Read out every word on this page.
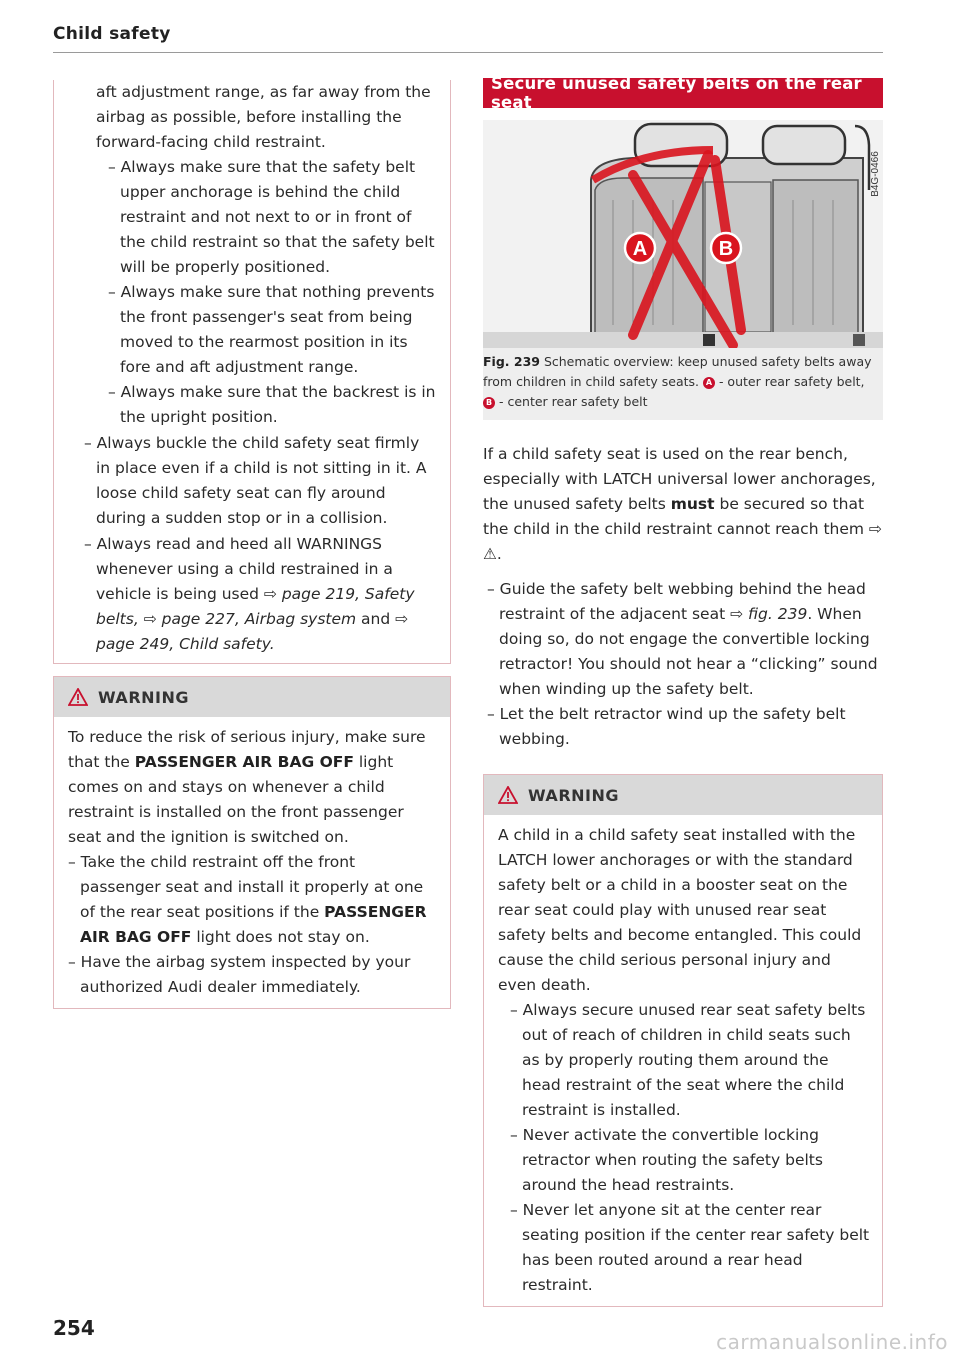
Child safety

aft adjustment range, as far away from the airbag as possible, before installing the forward-facing child restraint.

– Always make sure that the safety belt upper anchorage is behind the child restraint and not next to or in front of the child restraint so that the safety belt will be properly positioned.

– Always make sure that nothing prevents the front passenger's seat from being moved to the rearmost position in its fore and aft adjustment range.

– Always make sure that the backrest is in the upright position.

– Always buckle the child safety seat firmly in place even if a child is not sitting in it. A loose child safety seat can fly around during a sudden stop or in a collision.

– Always read and heed all WARNINGS whenever using a child restrained in a vehicle is being used ⇨ page 219, Safety belts, ⇨ page 227, Airbag system and ⇨ page 249, Child safety.

WARNING

To reduce the risk of serious injury, make sure that the PASSENGER AIR BAG OFF light comes on and stays on whenever a child restraint is installed on the front passenger seat and the ignition is switched on.

– Take the child restraint off the front passenger seat and install it properly at one of the rear seat positions if the PASSENGER AIR BAG OFF light does not stay on.

– Have the airbag system inspected by your authorized Audi dealer immediately.

Secure unused safety belts on the rear seat
A	B
B4G-0466
Fig. 239 Schematic overview: keep unused safety belts away from children in child safety seats. A - outer rear safety belt, B - center rear safety belt

If a child safety seat is used on the rear bench, especially with LATCH universal lower anchorages, the unused safety belts must be secured so that the child in the child restraint cannot reach them ⇨ ⚠.

– Guide the safety belt webbing behind the head restraint of the adjacent seat ⇨ fig. 239. When doing so, do not engage the convertible locking retractor! You should not hear a “clicking” sound when winding up the safety belt.

– Let the belt retractor wind up the safety belt webbing.

WARNING

A child in a child safety seat installed with the LATCH lower anchorages or with the standard safety belt or a child in a booster seat on the rear seat could play with unused rear seat safety belts and become entangled. This could cause the child serious personal injury and even death.

– Always secure unused rear seat safety belts out of reach of children in child seats such as by properly routing them around the head restraint of the seat where the child restraint is installed.

– Never activate the convertible locking retractor when routing the safety belts around the head restraints.

– Never let anyone sit at the center rear seating position if the center rear safety belt has been routed around a rear head restraint.

254
carmanualsonline.info
